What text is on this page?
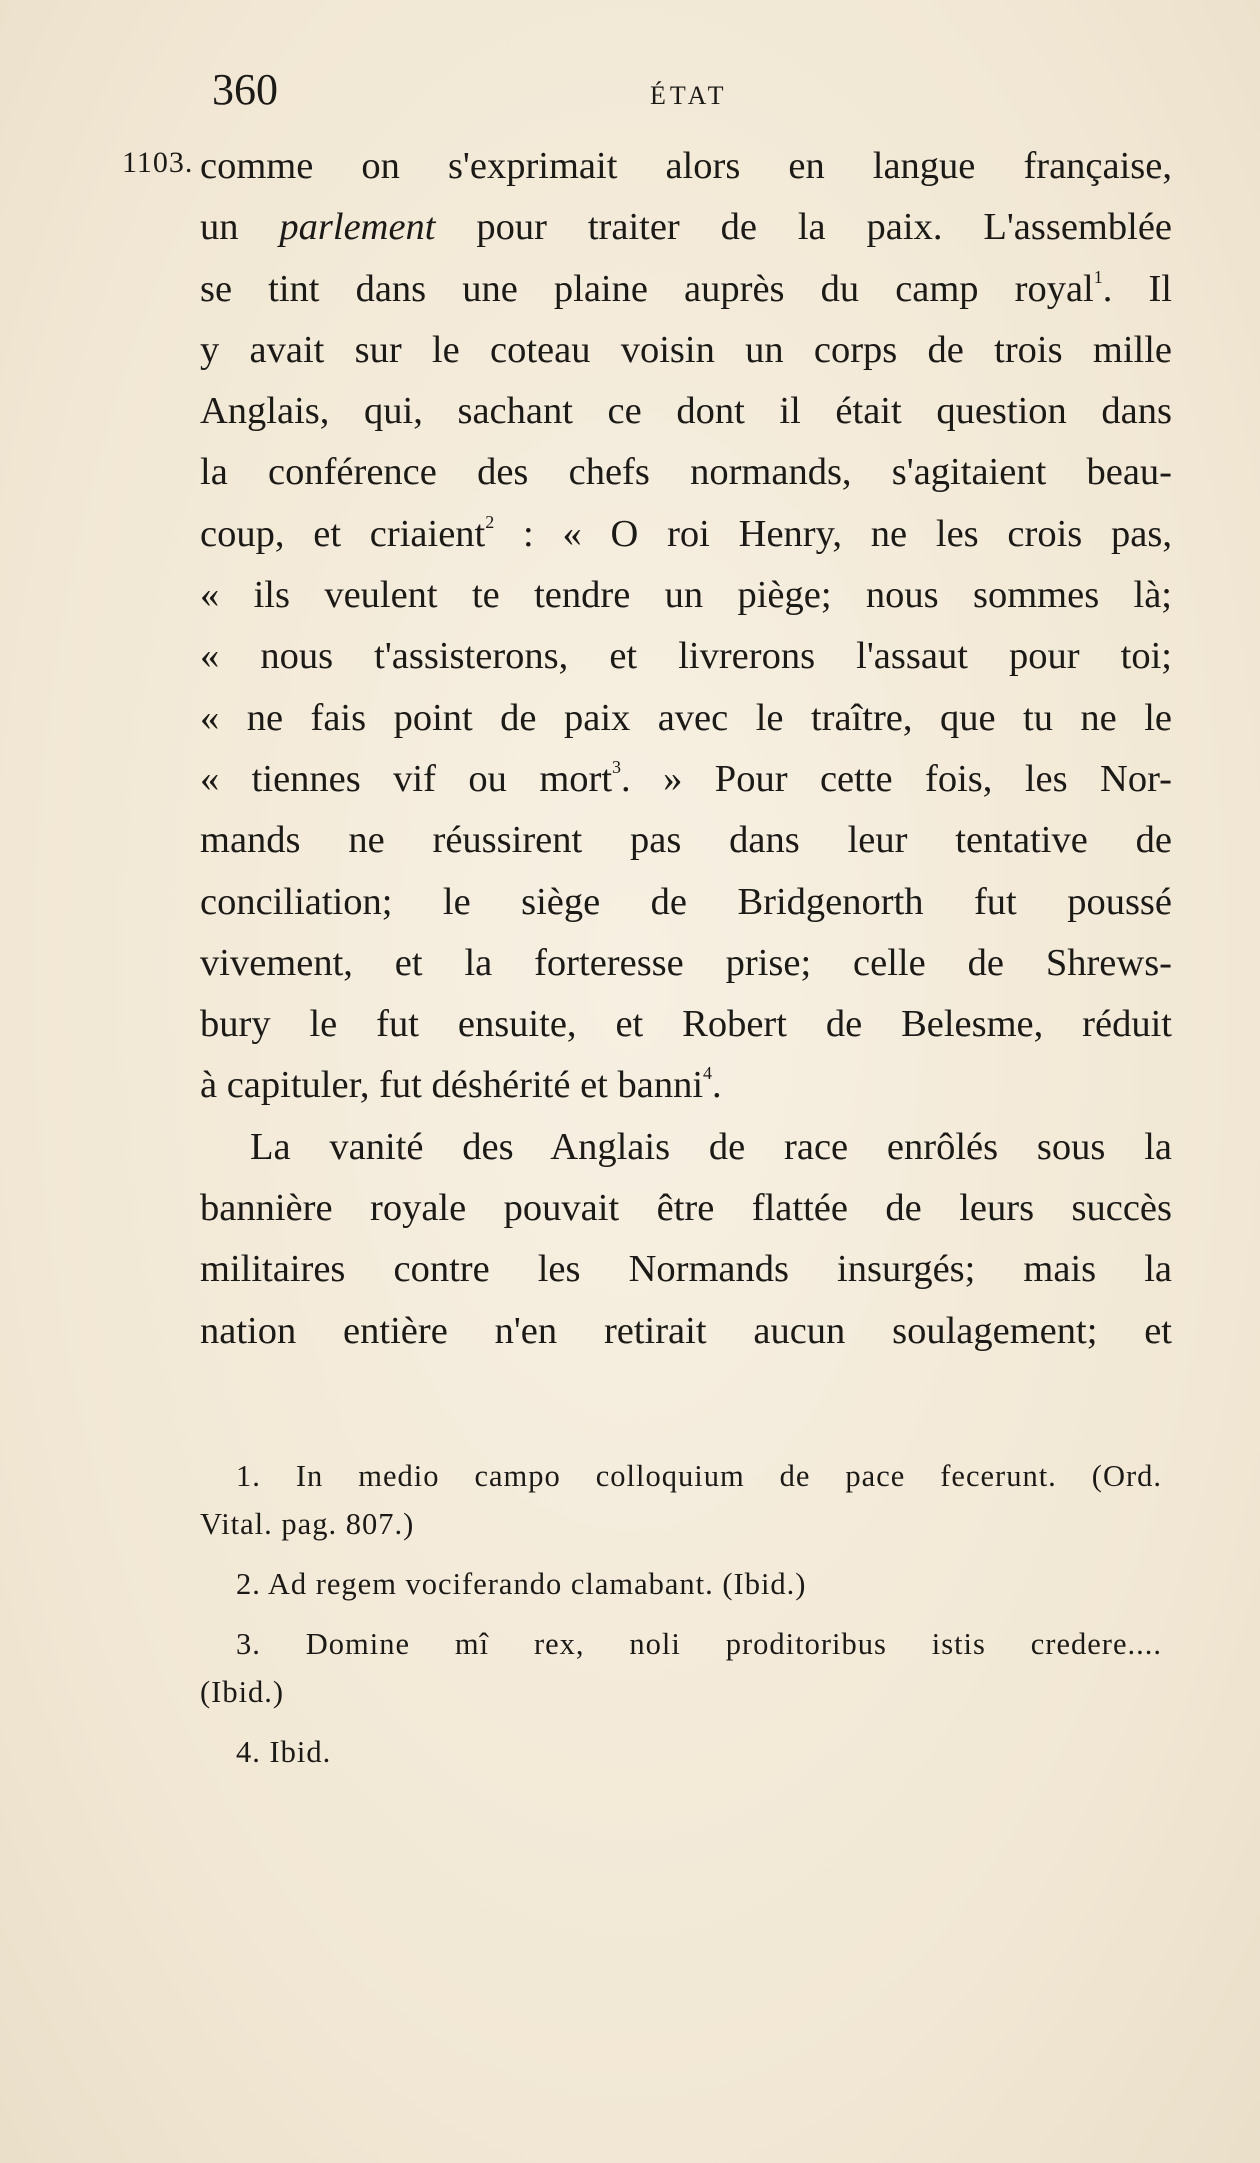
360	ÉTAT
1103. comme on s'exprimait alors en langue française,
un parlement pour traiter de la paix. L'assemblée
se tint dans une plaine auprès du camp royal$^1$. Il
y avait sur le coteau voisin un corps de trois mille
Anglais, qui, sachant ce dont il était question dans
la conférence des chefs normands, s'agitaient beau-
coup, et criaient$^2$ : « O roi Henry, ne les crois pas,
« ils veulent te tendre un piège; nous sommes là;
« nous t'assisterons, et livrerons l'assaut pour toi;
« ne fais point de paix avec le traître, que tu ne le
« tiennes vif ou mort$^3$. » Pour cette fois, les Nor-
mands ne réussirent pas dans leur tentative de
conciliation; le siège de Bridgenorth fut poussé
vivement, et la forteresse prise; celle de Shrews-
bury le fut ensuite, et Robert de Belesme, réduit
à capituler, fut déshérité et banni$^4$.
La vanité des Anglais de race enrôlés sous la
bannière royale pouvait être flattée de leurs succès
militaires contre les Normands insurgés; mais la
nation entière n'en retirait aucun soulagement; et
1. In medio campo colloquium de pace fecerunt. (Ord.
Vital. pag. 807.)
2. Ad regem vociferando clamabant. (Ibid.)
3. Domine mî rex, noli proditoribus istis credere....
(Ibid.)
4. Ibid.
